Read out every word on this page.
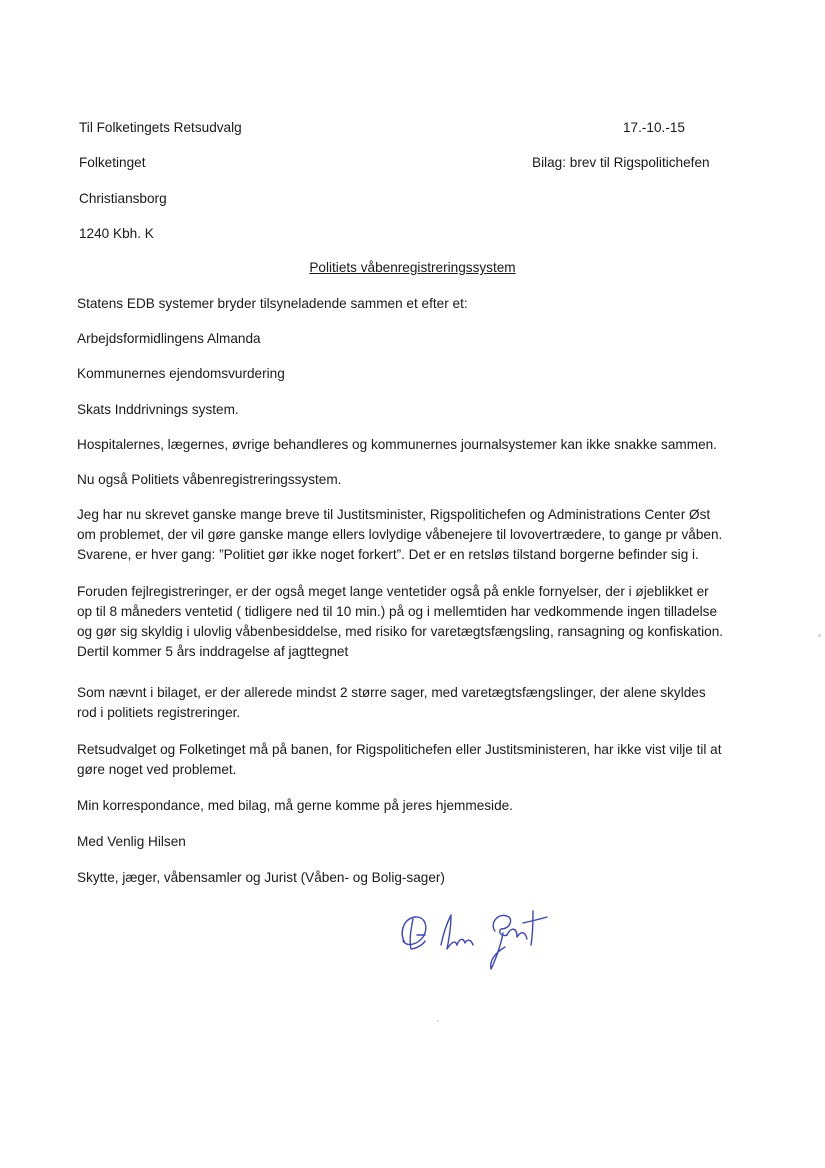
Til Folketingets Retsudvalg
Folketinget
Christiansborg
1240 Kbh. K
17.-10.-15
Bilag: brev til Rigspolitichefen
Politiets våbenregistreringssystem

Statens EDB systemer bryder tilsyneladende sammen et efter et:

Arbejdsformidlingens Almanda

Kommunernes ejendomsvurdering

Skats Inddrivnings system.

Hospitalernes, lægernes, øvrige behandleres og kommunernes journalsystemer kan ikke snakke sammen.

Nu også Politiets våbenregistreringssystem.

Jeg har nu skrevet ganske mange breve til Justitsminister, Rigspolitichefen og Administrations Center Øst

om problemet, der vil gøre ganske mange ellers lovlydige våbenejere til lovovertrædere, to gange pr våben.

Svarene, er hver gang: ”Politiet gør ikke noget forkert”. Det er en retsløs tilstand borgerne befinder sig i.

Foruden fejlregistreringer, er der også meget lange ventetider også på enkle fornyelser, der i øjeblikket er

op til 8 måneders ventetid ( tidligere ned til 10 min.) på og i mellemtiden har vedkommende ingen tilladelse

og gør sig skyldig i ulovlig våbenbesiddelse, med risiko for varetægtsfængsling, ransagning og konfiskation.

Dertil kommer 5 års inddragelse af jagttegnet

Som nævnt i bilaget, er der allerede mindst 2 større sager, med varetægtsfængslinger, der alene skyldes

rod i politiets registreringer.

Retsudvalget og Folketinget må på banen, for Rigspolitichefen eller Justitsministeren, har ikke vist vilje til at

gøre noget ved problemet.

Min korrespondance, med bilag, må gerne komme på jeres hjemmeside.

Med Venlig Hilsen

Skytte, jæger, våbensamler og Jurist (Våben- og Bolig-sager)
